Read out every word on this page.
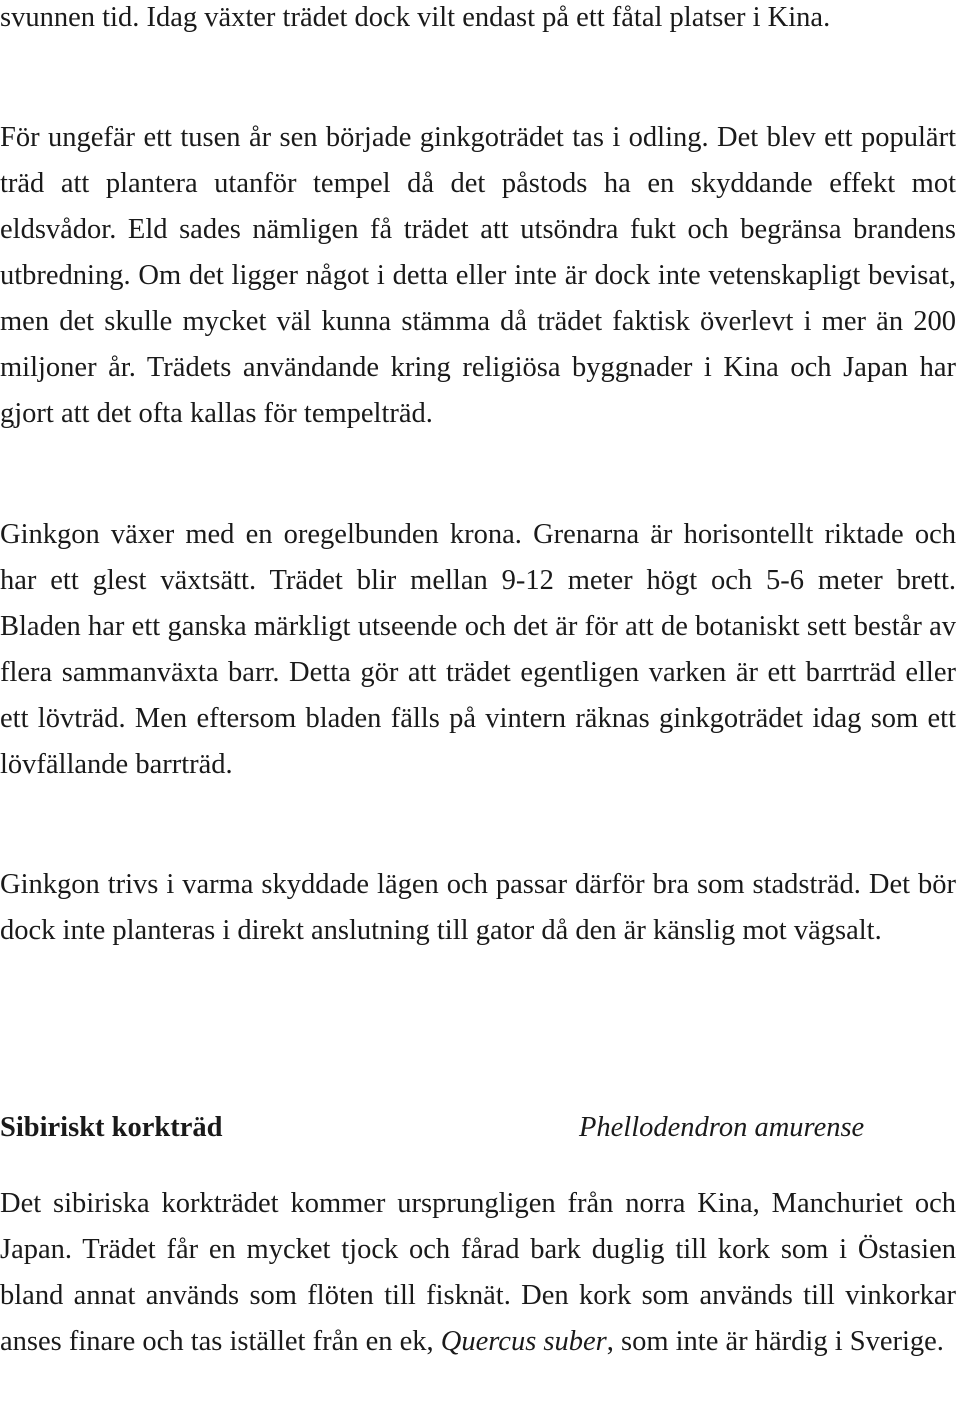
svunnen tid. Idag växter trädet dock vilt endast på ett fåtal platser i Kina.

För ungefär ett tusen år sen började ginkgoträdet tas i odling. Det blev ett populärt träd att plantera utanför tempel då det påstods ha en skyddande effekt mot eldsvådor. Eld sades nämligen få trädet att utsöndra fukt och begränsa brandens utbredning. Om det ligger något i detta eller inte är dock inte vetenskapligt bevisat, men det skulle mycket väl kunna stämma då trädet faktisk överlevt i mer än 200 miljoner år. Trädets användande kring religiösa byggnader i Kina och Japan har gjort att det ofta kallas för tempelträd.

Ginkgon växer med en oregelbunden krona. Grenarna är horisontellt riktade och har ett glest växtsätt. Trädet blir mellan 9-12 meter högt och 5-6 meter brett. Bladen har ett ganska märkligt utseende och det är för att de botaniskt sett består av flera sammanväxta barr. Detta gör att trädet egentligen varken är ett barrträd eller ett lövträd. Men eftersom bladen fälls på vintern räknas ginkgoträdet idag som ett lövfällande barrträd.

Ginkgon trivs i varma skyddade lägen och passar därför bra som stadsträd. Det bör dock inte planteras i direkt anslutning till gator då den är känslig mot vägsalt.

Sibiriskt korkträd	Phellodendron amurense

Det sibiriska korkträdet kommer ursprungligen från norra Kina, Manchuriet och Japan. Trädet får en mycket tjock och fårad bark duglig till kork som i Östasien bland annat används som flöten till fisknät. Den kork som används till vinkorkar anses finare och tas istället från en ek, Quercus suber, som inte är härdig i Sverige.
